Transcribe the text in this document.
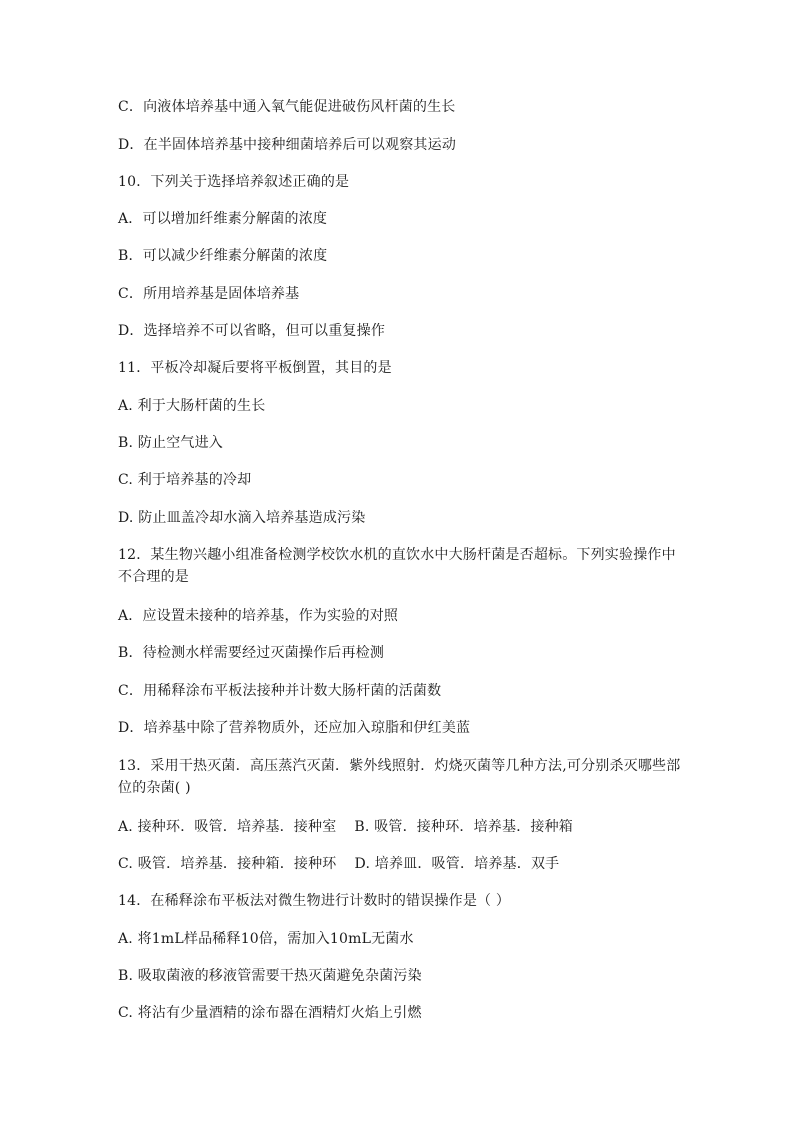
C．向液体培养基中通入氧气能促进破伤风杆菌的生长
D．在半固体培养基中接种细菌培养后可以观察其运动
10．下列关于选择培养叙述正确的是
A．可以增加纤维素分解菌的浓度
B．可以减少纤维素分解菌的浓度
C．所用培养基是固体培养基
D．选择培养不可以省略，但可以重复操作
11．平板冷却凝后要将平板倒置，其目的是
A. 利于大肠杆菌的生长
B. 防止空气进入
C. 利于培养基的冷却
D. 防止皿盖冷却水滴入培养基造成污染
12．某生物兴趣小组准备检测学校饮水机的直饮水中大肠杆菌是否超标。下列实验操作中不合理的是
A．应设置未接种的培养基，作为实验的对照
B．待检测水样需要经过灭菌操作后再检测
C．用稀释涂布平板法接种并计数大肠杆菌的活菌数
D．培养基中除了营养物质外，还应加入琼脂和伊红美蓝
13．采用干热灭菌．高压蒸汽灭菌．紫外线照射．灼烧灭菌等几种方法,可分别杀灭哪些部位的杂菌( )
A. 接种环．吸管．培养基．接种室 B. 吸管．接种环．培养基．接种箱
C. 吸管．培养基．接种箱．接种环 D. 培养皿．吸管．培养基．双手
14．在稀释涂布平板法对微生物进行计数时的错误操作是（ ）
A. 将1mL样品稀释10倍，需加入10mL无菌水
B. 吸取菌液的移液管需要干热灭菌避免杂菌污染
C. 将沾有少量酒精的涂布器在酒精灯火焰上引燃
